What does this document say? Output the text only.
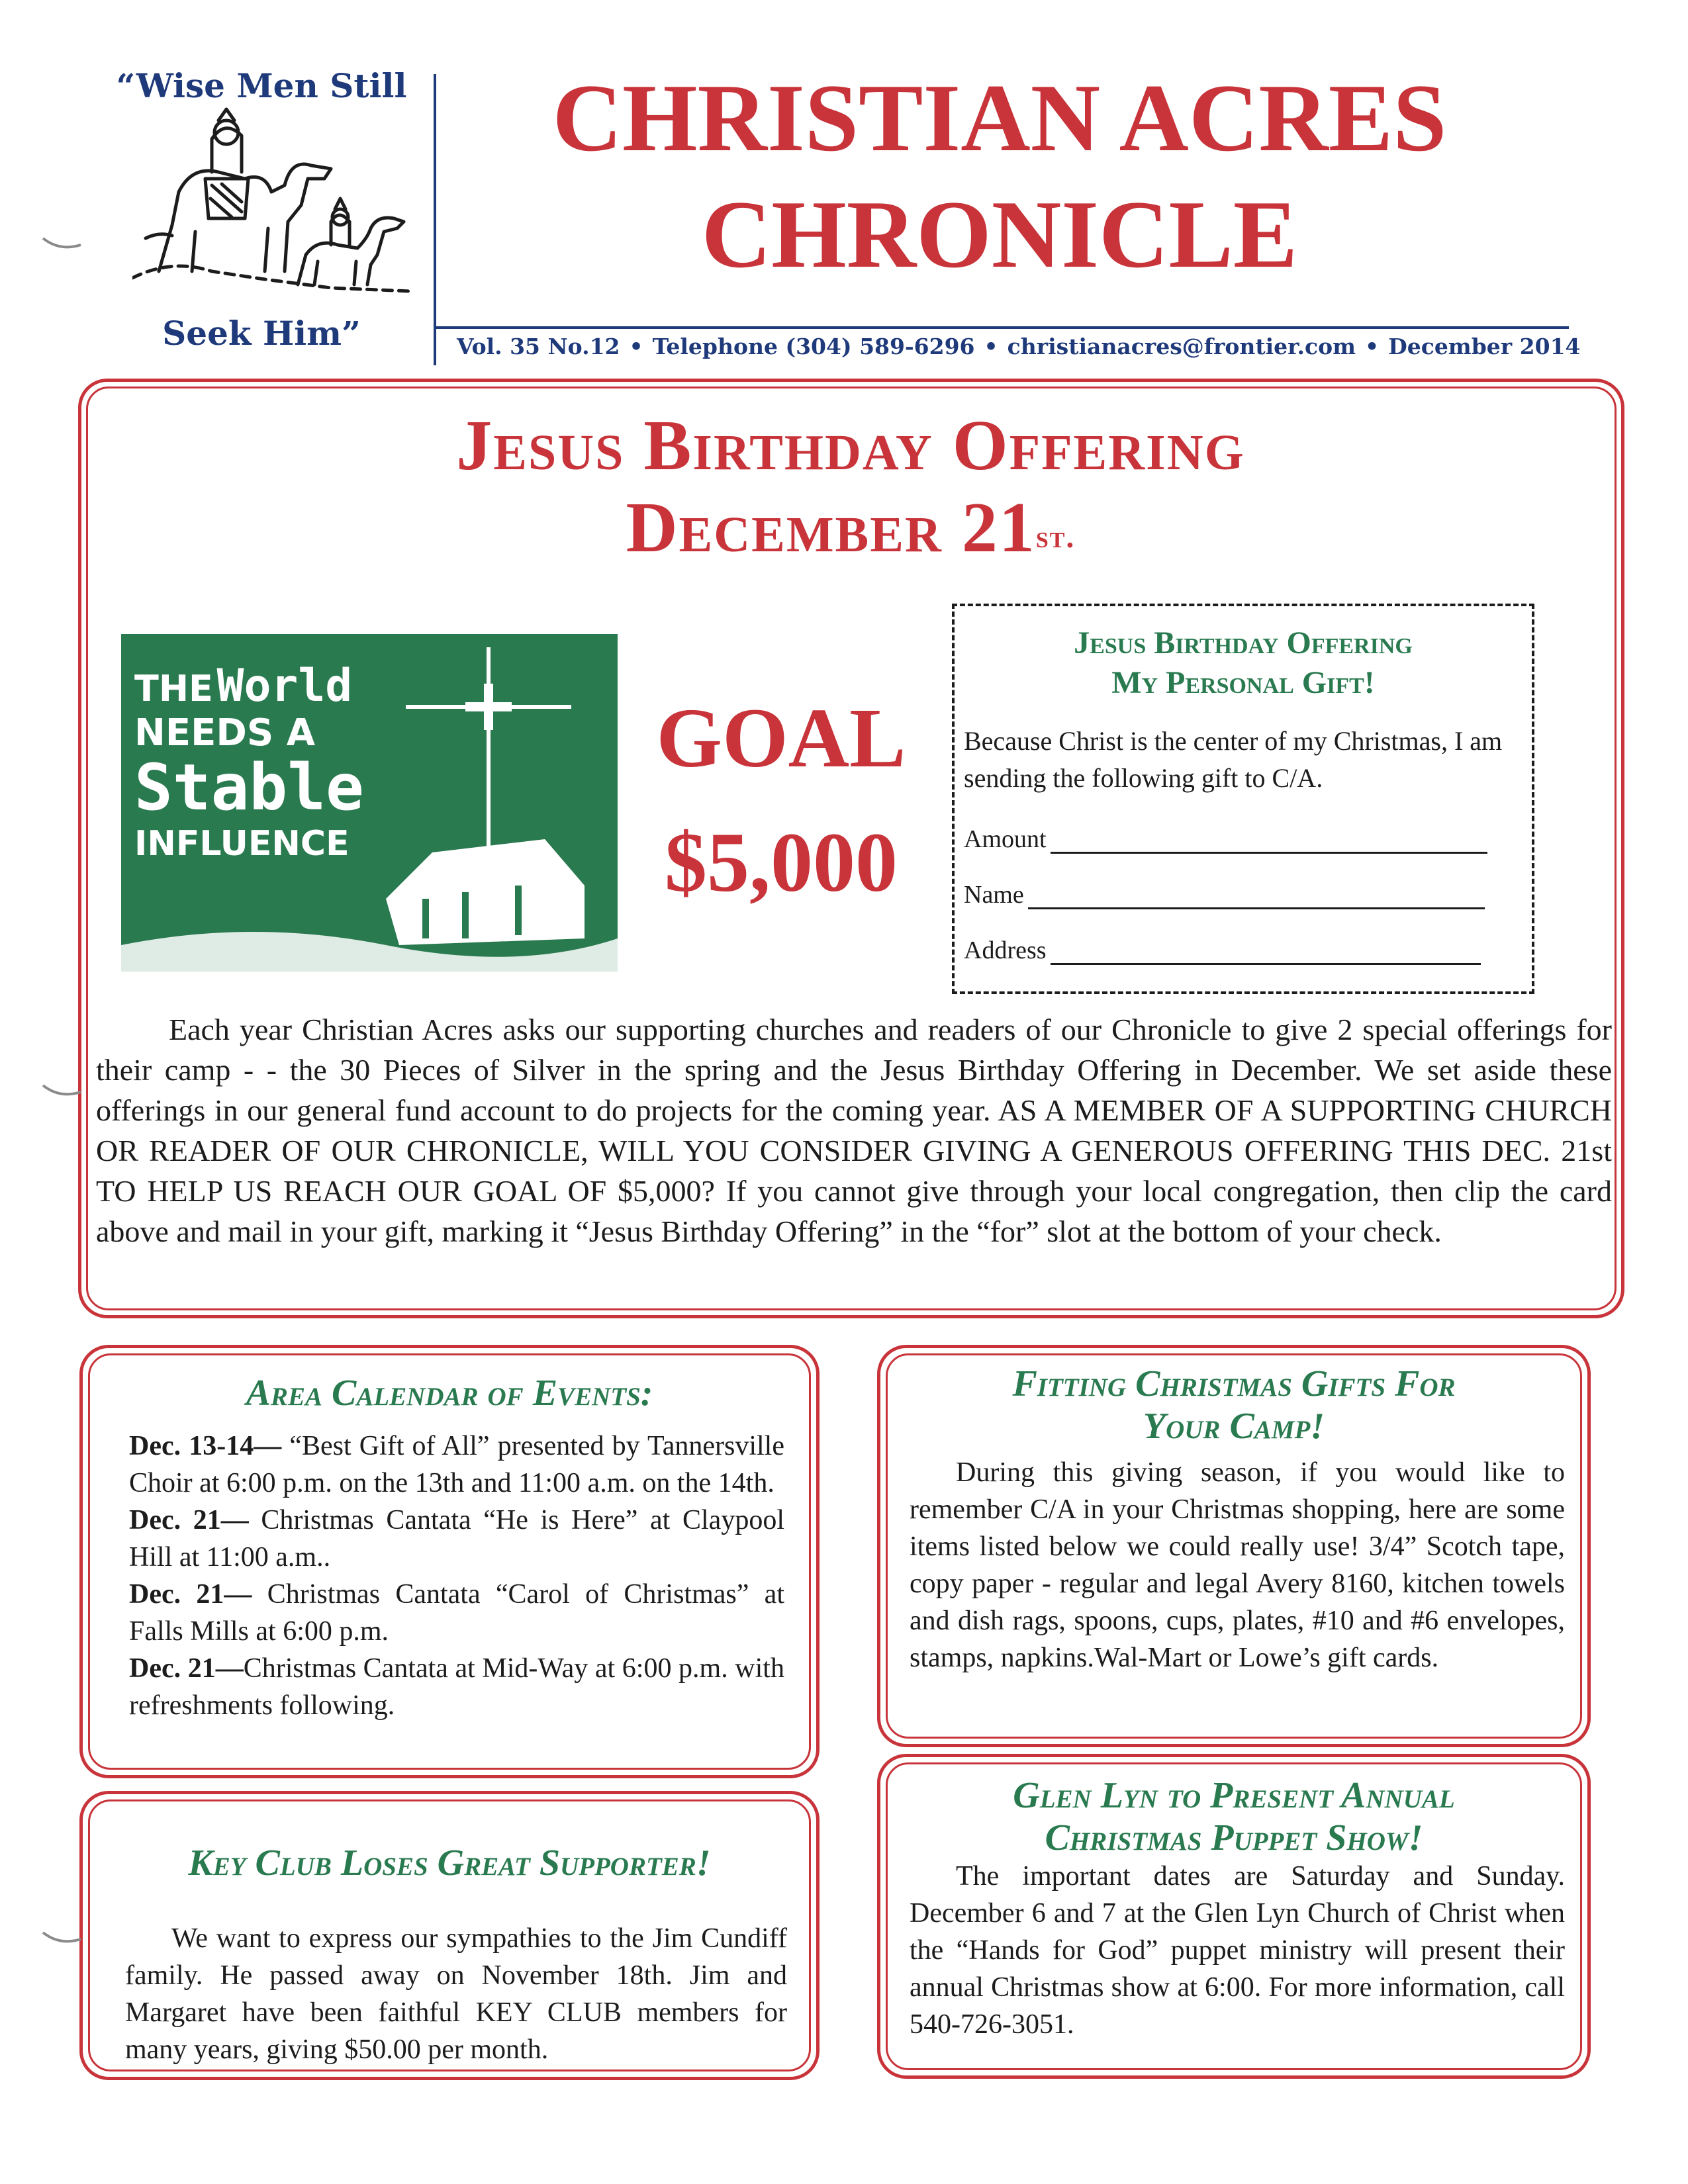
“Wise Men Still
Seek Him”
CHRISTIAN ACRES
CHRONICLE
Vol. 35 No.12 • Telephone (304) 589-6296 • christianacres@frontier.com • December 2014
Jesus Birthday Offering
December $21^{st.}$
THE World
NEEDS A
Stable
INFLUENCE
GOAL
$5,000
Jesus Birthday Offering
My Personal Gift!
Because Christ is the center of my Christmas, I am sending the following gift to C/A.
Amount
Name
Address

Each year Christian Acres asks our supporting churches and readers of our Chronicle to give 2 special offerings for their camp - - the 30 Pieces of Silver in the spring and the Jesus Birthday Offering in December. We set aside these offerings in our general fund account to do projects for the coming year. AS A MEMBER OF A SUPPORTING CHURCH OR READER OF OUR CHRONICLE, WILL YOU CONSIDER GIVING A GENEROUS OFFERING THIS DEC. 21st TO HELP US REACH OUR GOAL OF $5,000? If you cannot give through your local congregation, then clip the card above and mail in your gift, marking it “Jesus Birthday Offering” in the “for” slot at the bottom of your check.

Area Calendar of Events:

Dec. 13-14— “Best Gift of All” presented by Tannersville Choir at 6:00 p.m. on the 13th and 11:00 a.m. on the 14th.

Dec. 21— Christmas Cantata “He is Here” at Claypool Hill at 11:00 a.m..

Dec. 21— Christmas Cantata “Carol of Christmas” at Falls Mills at 6:00 p.m.

Dec. 21—Christmas Cantata at Mid-Way at 6:00 p.m. with refreshments following.

Fitting Christmas Gifts For
Your Camp!

During this giving season, if you would like to remember C/A in your Christmas shopping, here are some items listed below we could really use! 3/4” Scotch tape, copy paper - regular and legal Avery 8160, kitchen towels and dish rags, spoons, cups, plates, #10 and #6 envelopes, stamps, napkins.Wal-Mart or Lowe’s gift cards.

Key Club Loses Great Supporter!

We want to express our sympathies to the Jim Cundiff family. He passed away on November 18th. Jim and Margaret have been faithful KEY CLUB members for many years, giving $50.00 per month.

Glen Lyn to Present Annual
Christmas Puppet Show!

The important dates are Saturday and Sunday. December 6 and 7 at the Glen Lyn Church of Christ when the “Hands for God” puppet ministry will present their annual Christmas show at 6:00. For more information, call 540-726-3051.
